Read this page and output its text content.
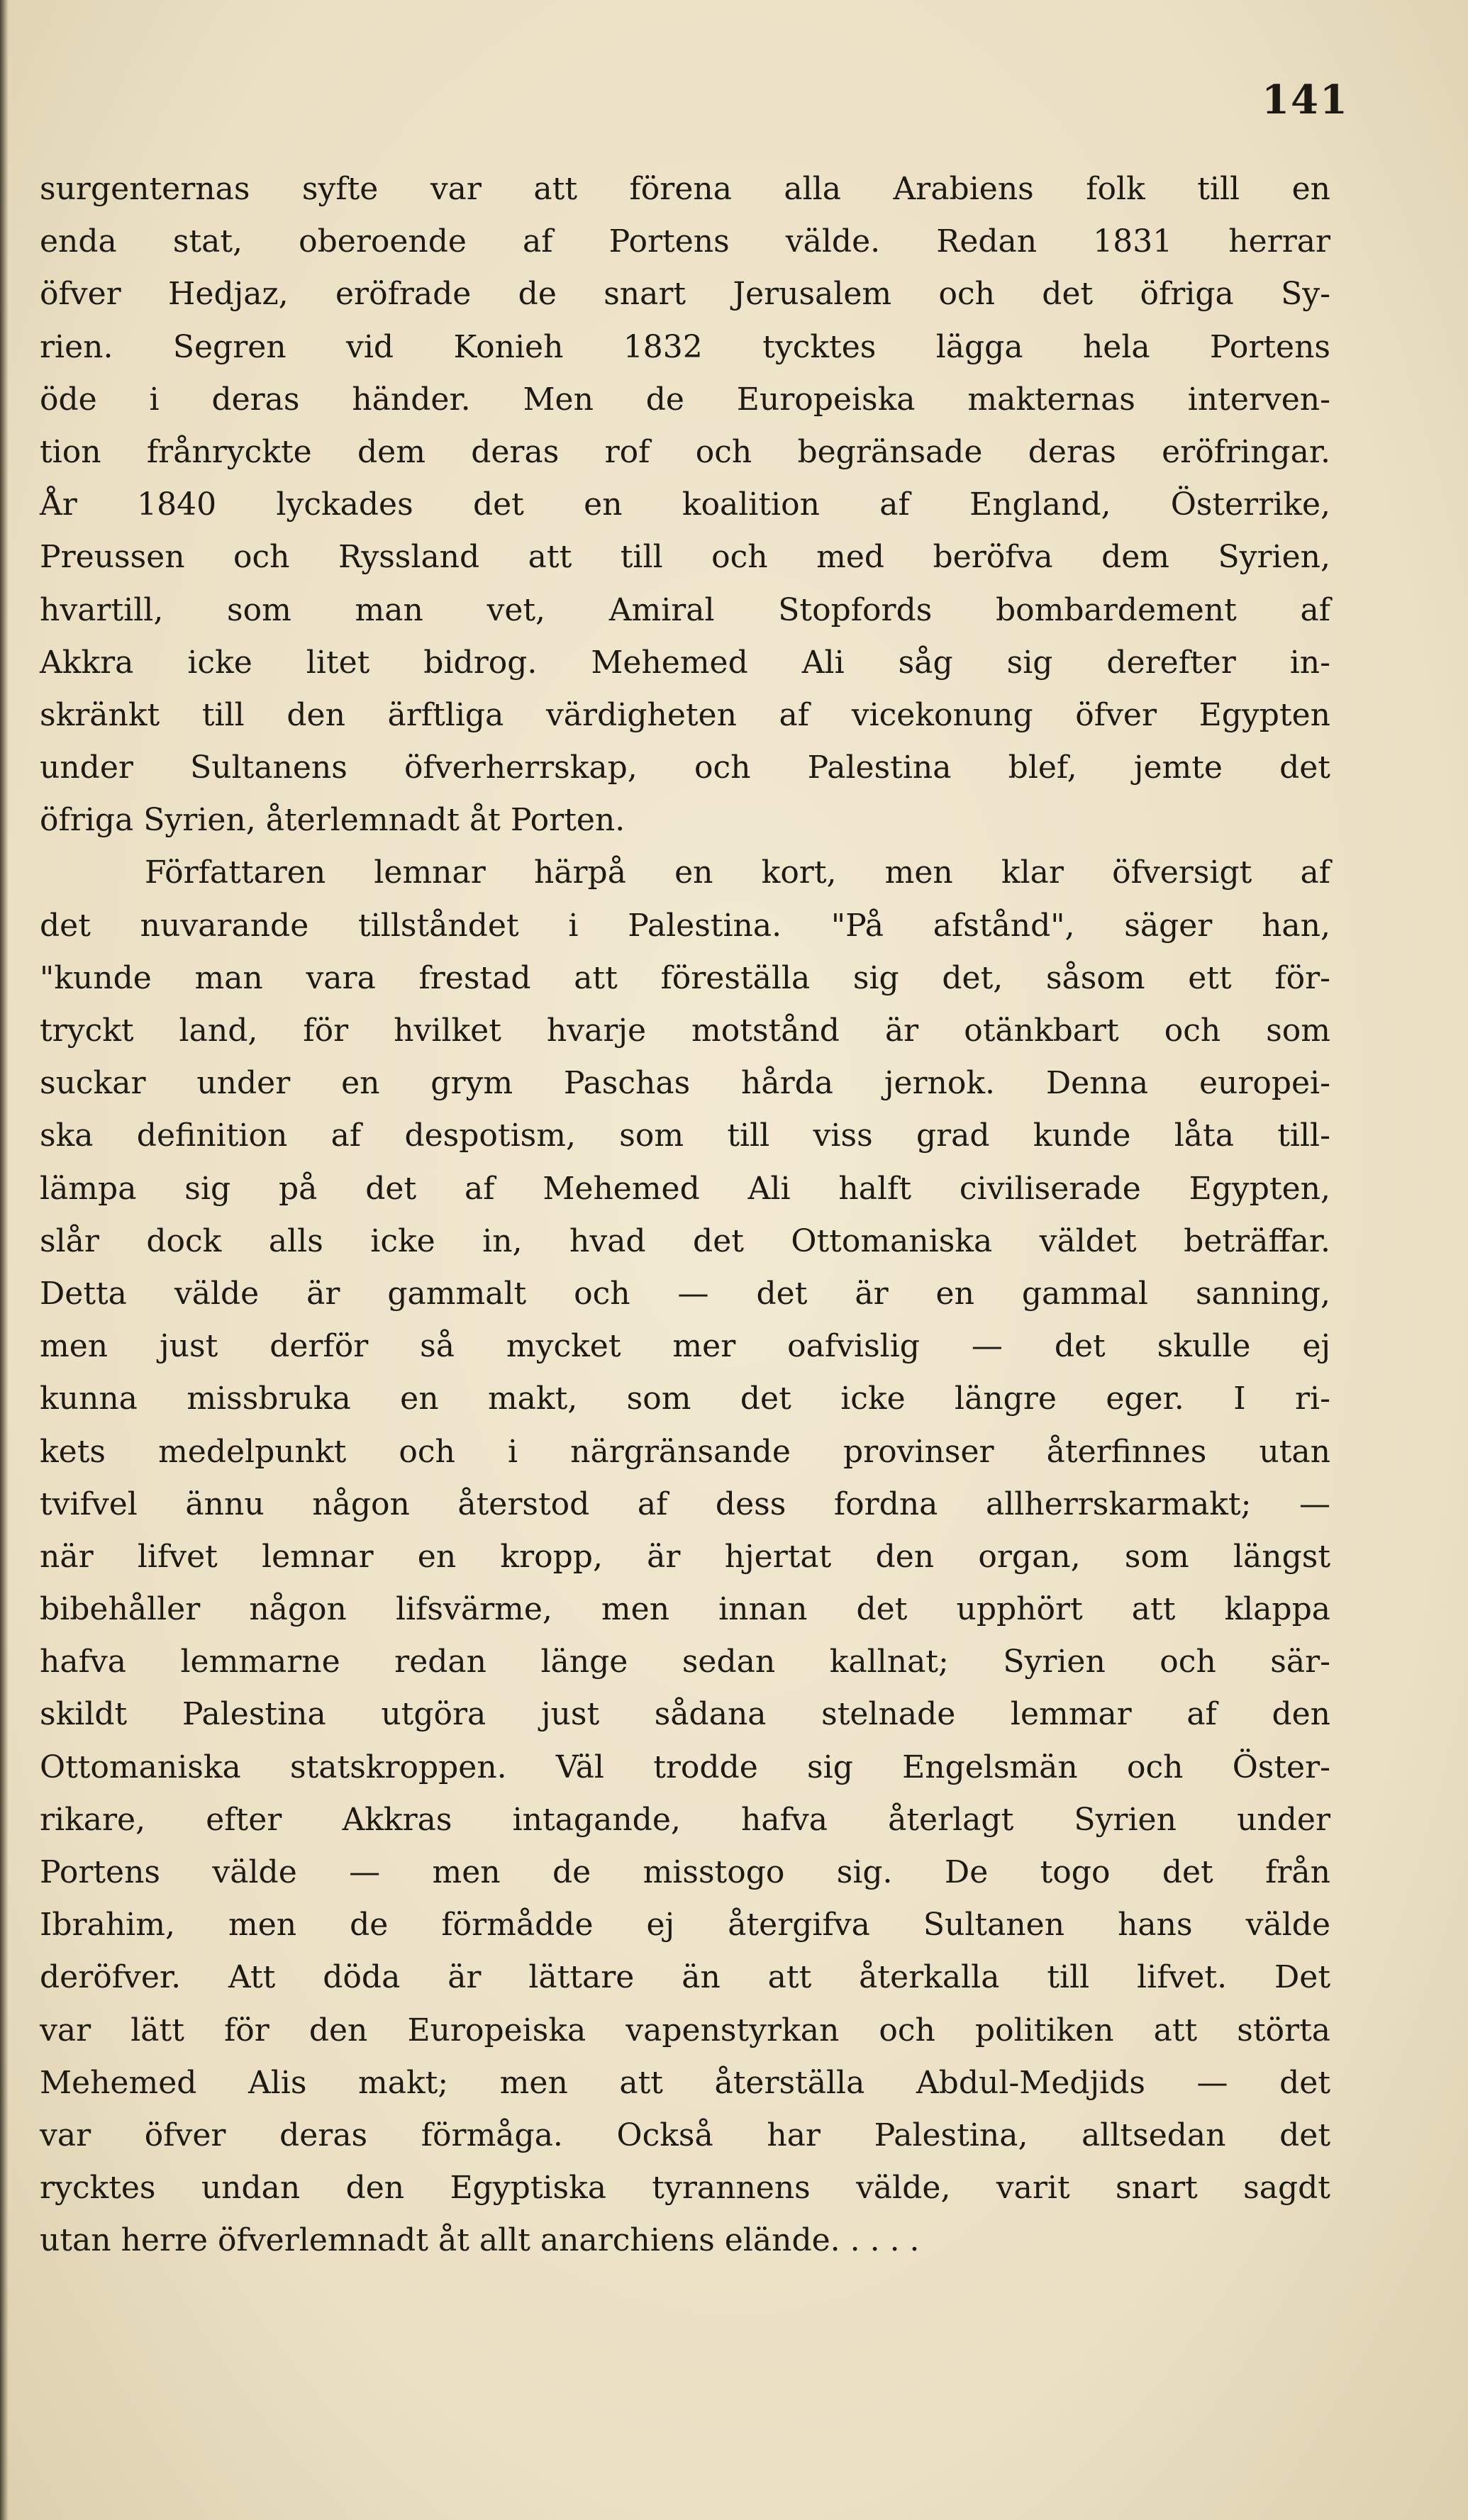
141
surgenternas syfte var att förena alla Arabiens folk till en
enda stat, oberoende af Portens välde. Redan 1831 herrar
öfver Hedjaz, eröfrade de snart Jerusalem och det öfriga Sy-
rien. Segren vid Konieh 1832 tycktes lägga hela Portens
öde i deras händer. Men de Europeiska makternas interven-
tion frånryckte dem deras rof och begränsade deras eröfringar.
År 1840 lyckades det en koalition af England, Österrike,
Preussen och Ryssland att till och med beröfva dem Syrien,
hvartill, som man vet, Amiral Stopfords bombardement af
Akkra icke litet bidrog. Mehemed Ali såg sig derefter in-
skränkt till den ärftliga värdigheten af vicekonung öfver Egypten
under Sultanens öfverherrskap, och Palestina blef, jemte det
öfriga Syrien, återlemnadt åt Porten.
Författaren lemnar härpå en kort, men klar öfversigt af
det nuvarande tillståndet i Palestina. "På afstånd", säger han,
"kunde man vara frestad att föreställa sig det, såsom ett för-
tryckt land, för hvilket hvarje motstånd är otänkbart och som
suckar under en grym Paschas hårda jernok. Denna europei-
ska definition af despotism, som till viss grad kunde låta till-
lämpa sig på det af Mehemed Ali halft civiliserade Egypten,
slår dock alls icke in, hvad det Ottomaniska väldet beträffar.
Detta välde är gammalt och — det är en gammal sanning,
men just derför så mycket mer oafvislig — det skulle ej
kunna missbruka en makt, som det icke längre eger. I ri-
kets medelpunkt och i närgränsande provinser återfinnes utan
tvifvel ännu någon återstod af dess fordna allherrskarmakt; —
när lifvet lemnar en kropp, är hjertat den organ, som längst
bibehåller någon lifsvärme, men innan det upphört att klappa
hafva lemmarne redan länge sedan kallnat; Syrien och sär-
skildt Palestina utgöra just sådana stelnade lemmar af den
Ottomaniska statskroppen. Väl trodde sig Engelsmän och Öster-
rikare, efter Akkras intagande, hafva återlagt Syrien under
Portens välde — men de misstogo sig. De togo det från
Ibrahim, men de förmådde ej återgifva Sultanen hans välde
deröfver. Att döda är lättare än att återkalla till lifvet. Det
var lätt för den Europeiska vapenstyrkan och politiken att störta
Mehemed Alis makt; men att återställa Abdul-Medjids — det
var öfver deras förmåga. Också har Palestina, alltsedan det
rycktes undan den Egyptiska tyrannens välde, varit snart sagdt
utan herre öfverlemnadt åt allt anarchiens elände. . . . .
